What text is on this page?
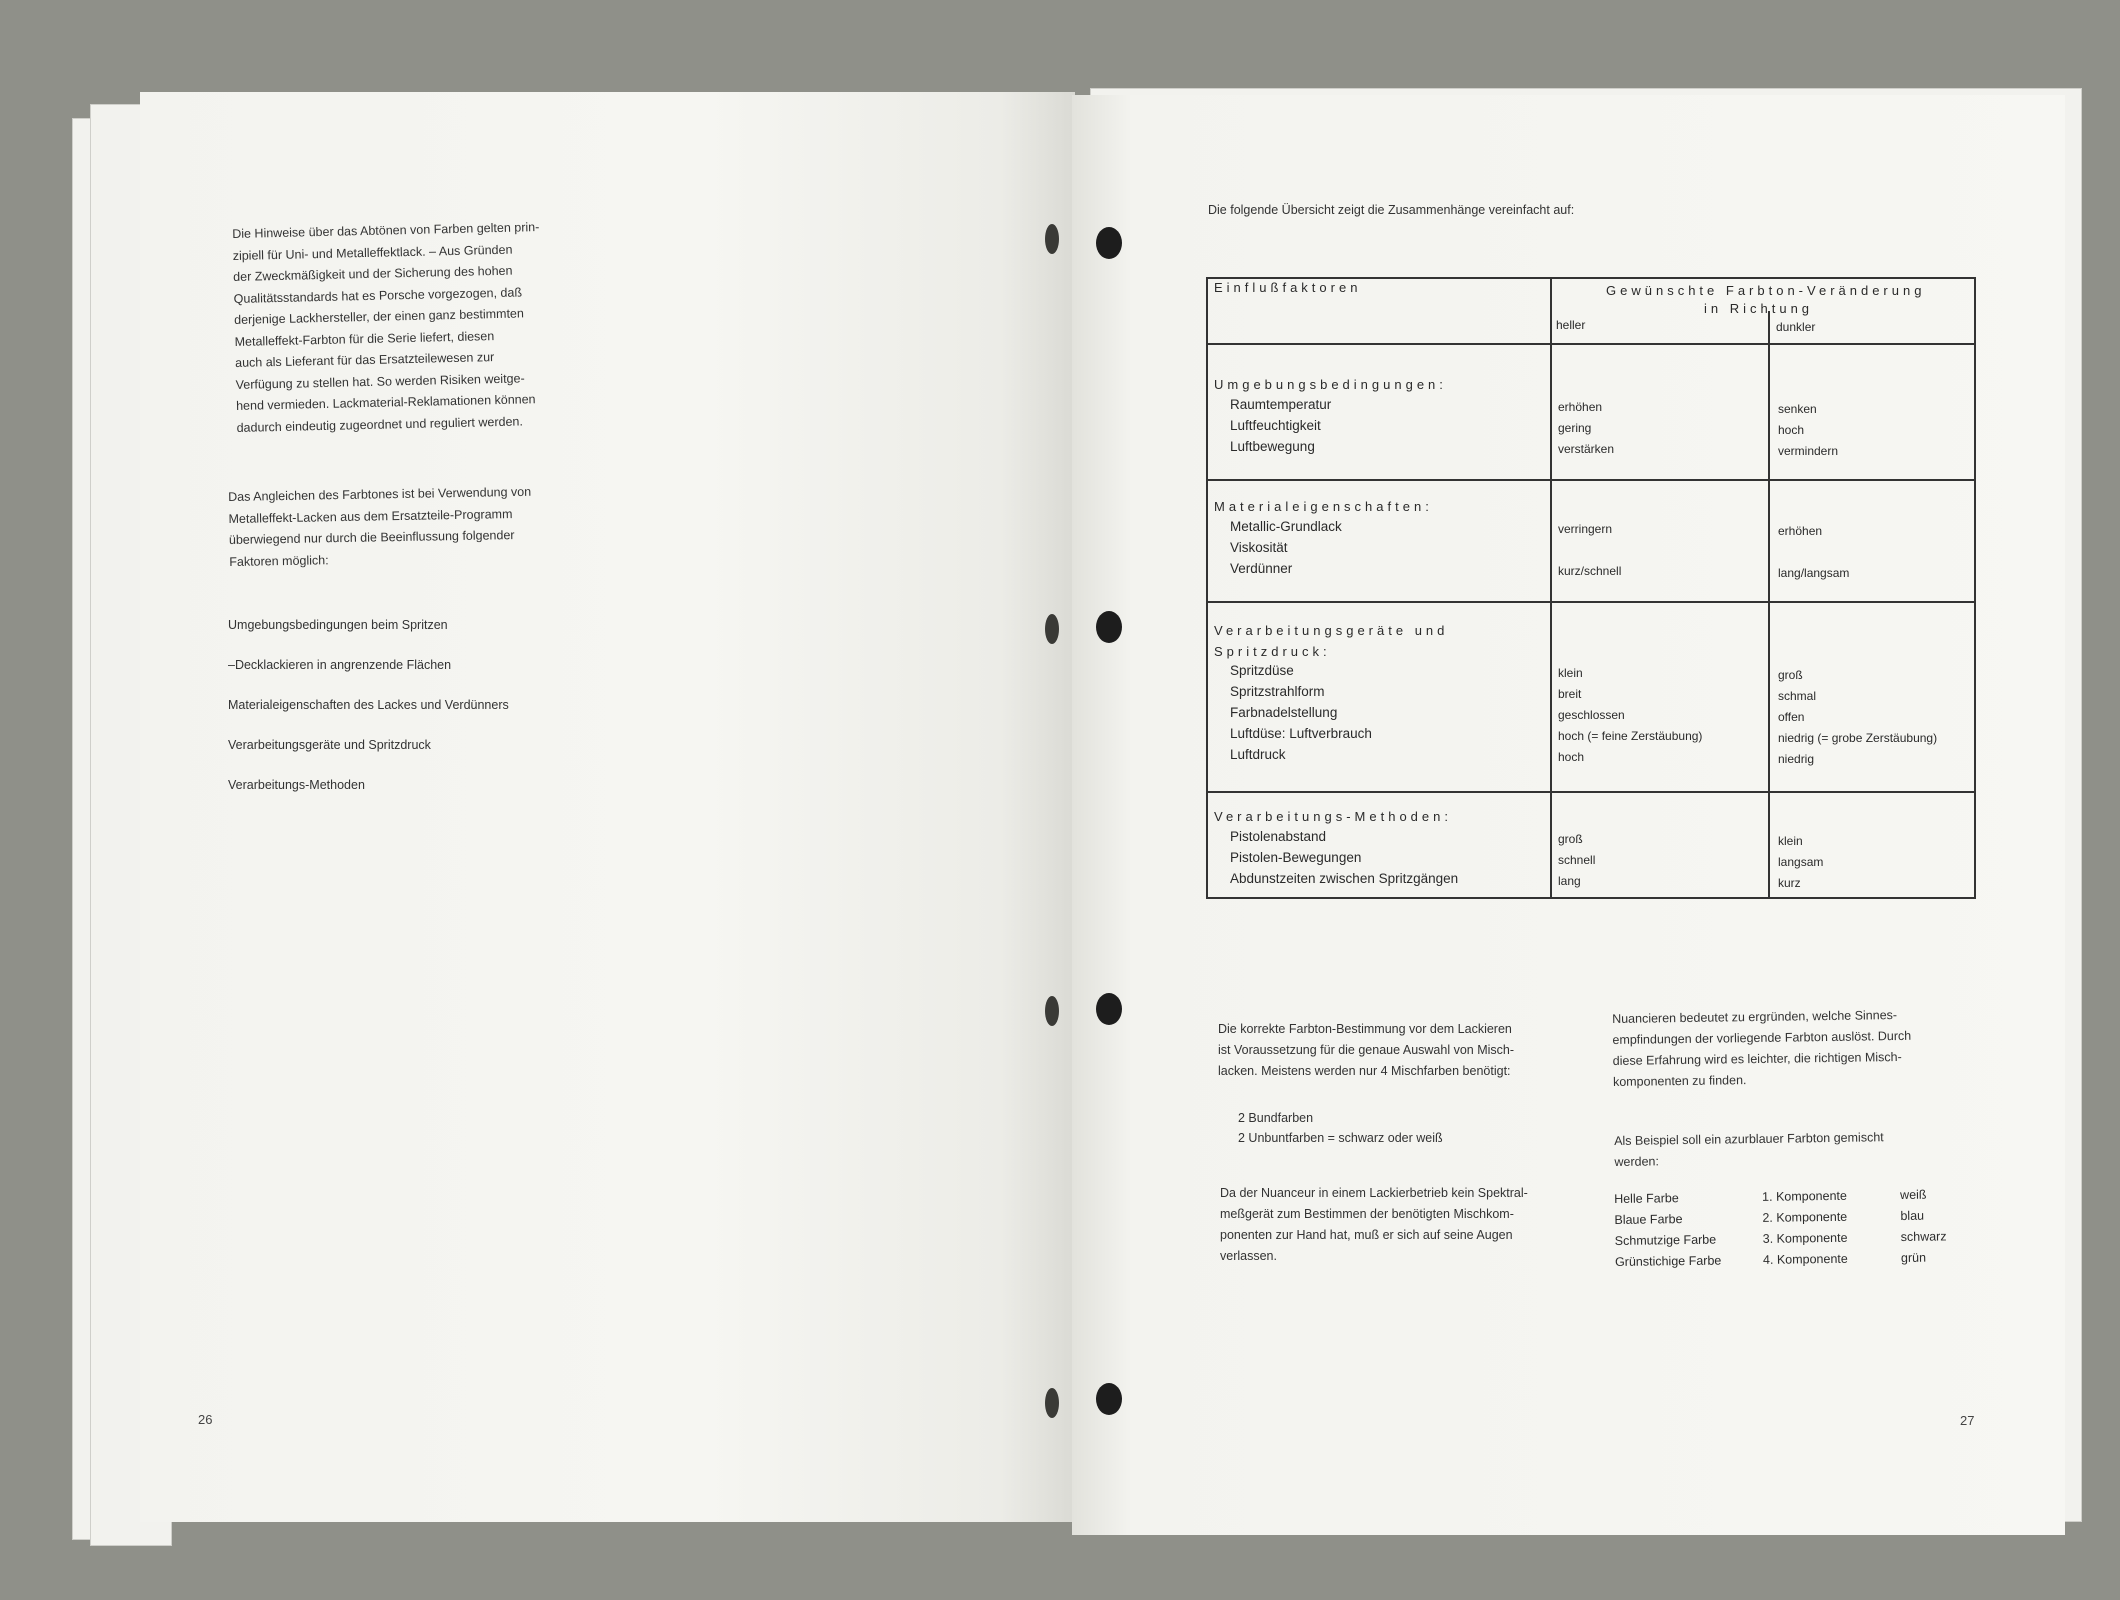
Die Hinweise über das Abtönen von Farben gelten prin-
zipiell für Uni- und Metalleffektlack. – Aus Gründen
der Zweckmäßigkeit und der Sicherung des hohen
Qualitätsstandards hat es Porsche vorgezogen, daß
derjenige Lackhersteller, der einen ganz bestimmten
Metalleffekt-Farbton für die Serie liefert, diesen
auch als Lieferant für das Ersatzteilewesen zur
Verfügung zu stellen hat. So werden Risiken weitge-
hend vermieden. Lackmaterial-Reklamationen können
dadurch eindeutig zugeordnet und reguliert werden.
Das Angleichen des Farbtones ist bei Verwendung von
Metalleffekt-Lacken aus dem Ersatzteile-Programm
überwiegend nur durch die Beeinflussung folgender
Faktoren möglich:
Umgebungsbedingungen beim Spritzen
–Decklackieren in angrenzende Flächen
Materialeigenschaften des Lackes und Verdünners
Verarbeitungsgeräte und Spritzdruck
Verarbeitungs-Methoden
26
Die folgende Übersicht zeigt die Zusammenhänge vereinfacht auf:
Einflußfaktoren	Gewünschte Farbton-Veränderung
in Richtung
heller	dunkler
Umgebungsbedingungen:
Raumtemperatur	erhöhen	senken
Luftfeuchtigkeit	gering	hoch
Luftbewegung	verstärken	vermindern
Materialeigenschaften:
Metallic-Grundlack	verringern	erhöhen
Viskosität
Verdünner	kurz/schnell	lang/langsam
Verarbeitungsgeräte und
Spritzdruck:
Spritzdüse	klein	groß
Spritzstrahlform	breit	schmal
Farbnadelstellung	geschlossen	offen
Luftdüse: Luftverbrauch	hoch (= feine Zerstäubung)	niedrig (= grobe Zerstäubung)
Luftdruck	hoch	niedrig
Verarbeitungs-Methoden:
Pistolenabstand	groß	klein
Pistolen-Bewegungen	schnell	langsam
Abdunstzeiten zwischen Spritzgängen	lang	kurz
Die korrekte Farbton-Bestimmung vor dem Lackieren
ist Voraussetzung für die genaue Auswahl von Misch-
lacken. Meistens werden nur 4 Mischfarben benötigt:
2 Bundfarben
2 Unbuntfarben = schwarz oder weiß
Da der Nuanceur in einem Lackierbetrieb kein Spektral-
meßgerät zum Bestimmen der benötigten Mischkom-
ponenten zur Hand hat, muß er sich auf seine Augen
verlassen.
Nuancieren bedeutet zu ergründen, welche Sinnes-
empfindungen der vorliegende Farbton auslöst. Durch
diese Erfahrung wird es leichter, die richtigen Misch-
komponenten zu finden.
Als Beispiel soll ein azurblauer Farbton gemischt
werden:
Helle Farbe	1. Komponente	weiß
Blaue Farbe	2. Komponente	blau
Schmutzige Farbe	3. Komponente	schwarz
Grünstichige Farbe	4. Komponente	grün
27
